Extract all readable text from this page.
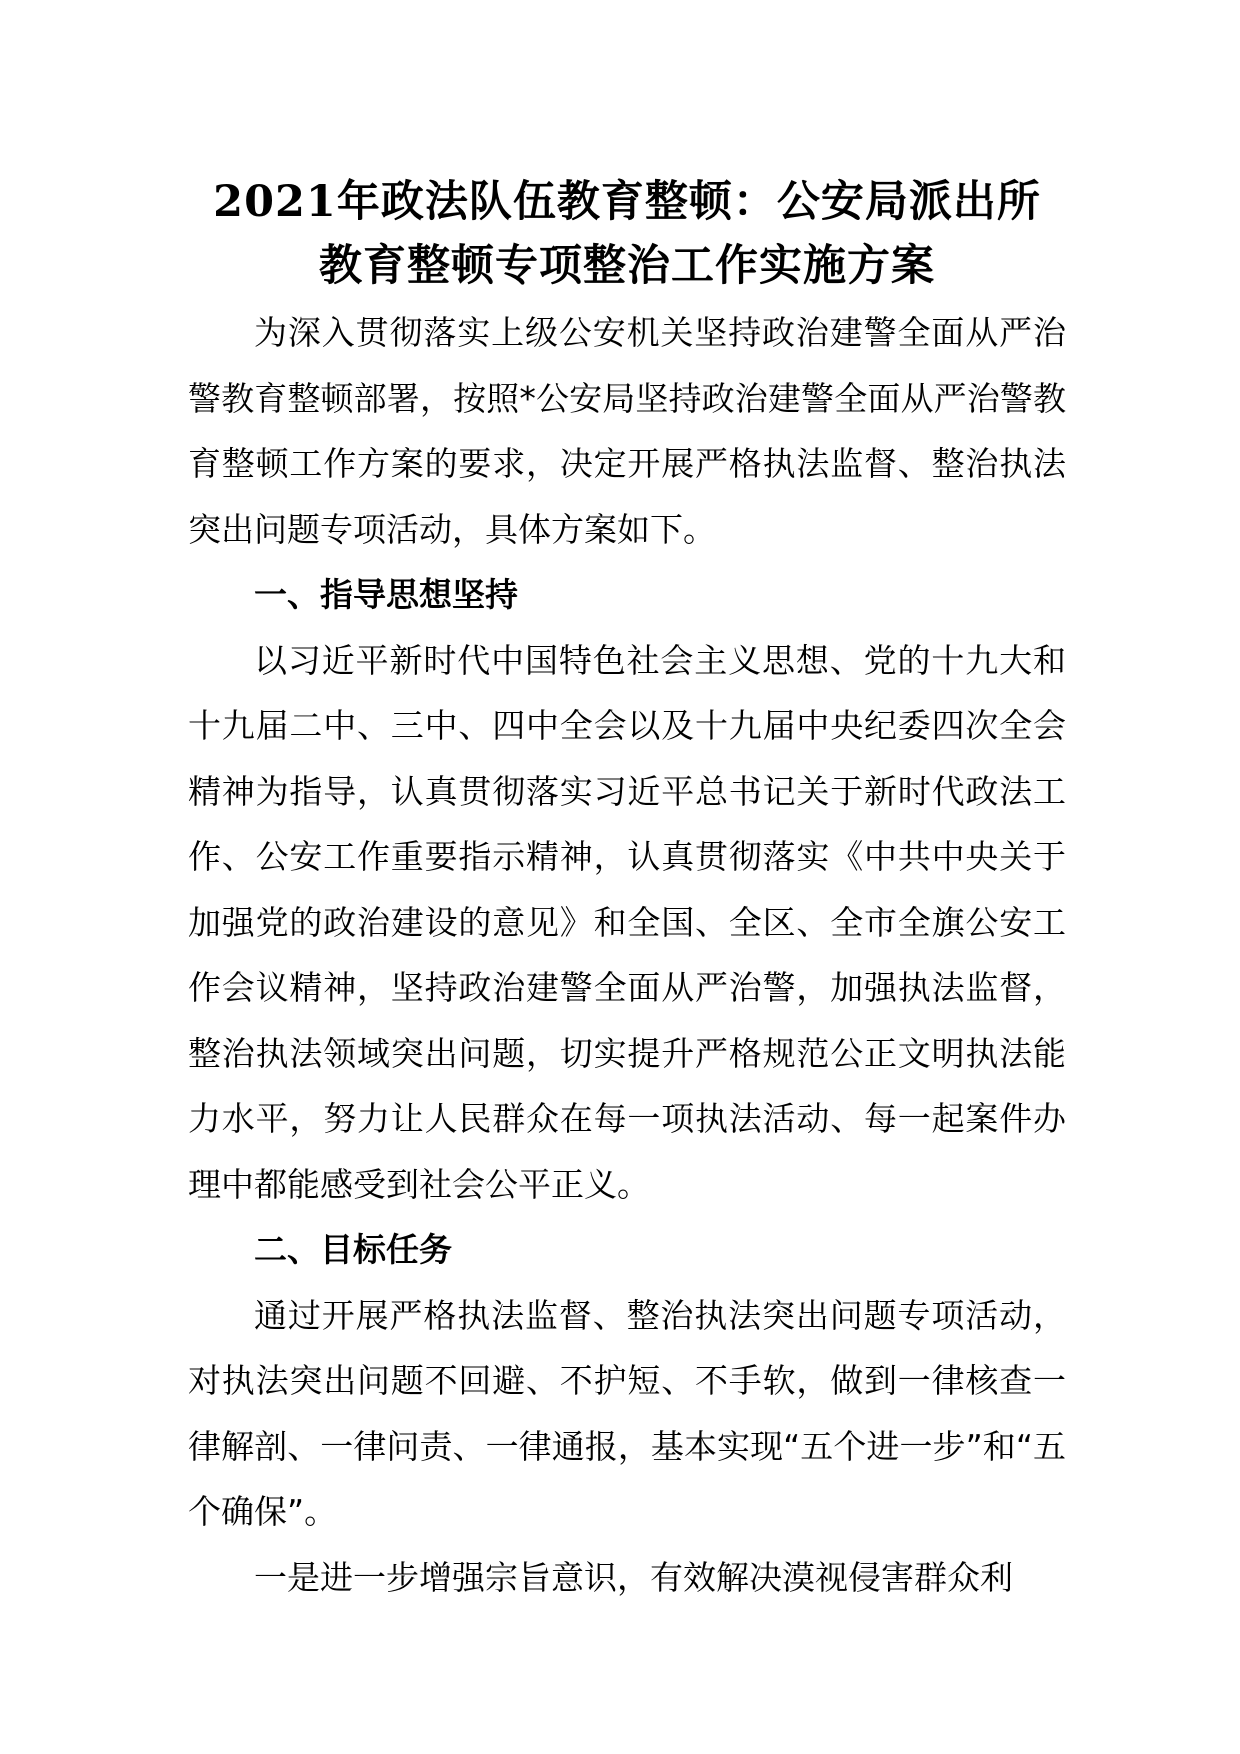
2021年政法队伍教育整顿：公安局派出所
教育整顿专项整治工作实施方案

为深入贯彻落实上级公安机关坚持政治建警全面从严治警教育整顿部署，按照*公安局坚持政治建警全面从严治警教育整顿工作方案的要求，决定开展严格执法监督、整治执法突出问题专项活动，具体方案如下。

一、指导思想坚持

以习近平新时代中国特色社会主义思想、党的十九大和十九届二中、三中、四中全会以及十九届中央纪委四次全会精神为指导，认真贯彻落实习近平总书记关于新时代政法工作、公安工作重要指示精神，认真贯彻落实《中共中央关于加强党的政治建设的意见》和全国、全区、全市全旗公安工作会议精神，坚持政治建警全面从严治警，加强执法监督，整治执法领域突出问题，切实提升严格规范公正文明执法能力水平，努力让人民群众在每一项执法活动、每一起案件办理中都能感受到社会公平正义。

二、目标任务

通过开展严格执法监督、整治执法突出问题专项活动，对执法突出问题不回避、不护短、不手软，做到一律核查一律解剖、一律问责、一律通报，基本实现“五个进一步”和“五个确保”。

一是进一步增强宗旨意识，有效解决漠视侵害群众利
